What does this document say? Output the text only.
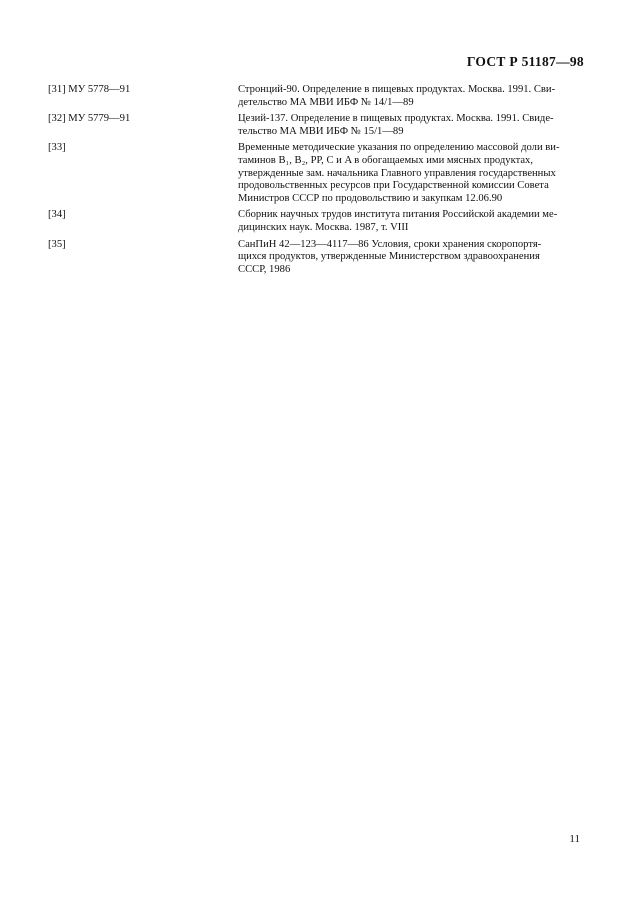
ГОСТ Р 51187—98
[31] МУ 5778—91	Стронций-90. Определение в пищевых продуктах. Москва. 1991. Сви-
детельство МА МВИ ИБФ № 14/1—89
[32] МУ 5779—91	Цезий-137. Определение в пищевых продуктах. Москва. 1991. Свиде-
тельство МА МВИ ИБФ № 15/1—89
[33]	Временные методические указания по определению массовой доли ви-
таминов B₁, B₂, PP, C и A в обогащаемых ими мясных продуктах,
утвержденные зам. начальника Главного управления государственных
продовольственных ресурсов при Государственной комиссии Совета
Министров СССР по продовольствию и закупкам 12.06.90
[34]	Сборник научных трудов института питания Российской академии ме-
дицинских наук. Москва. 1987, т. VIII
[35]	СанПиН 42—123—4117—86 Условия, сроки хранения скоропортя-
щихся продуктов, утвержденные Министерством здравоохранения
СССР, 1986
11
